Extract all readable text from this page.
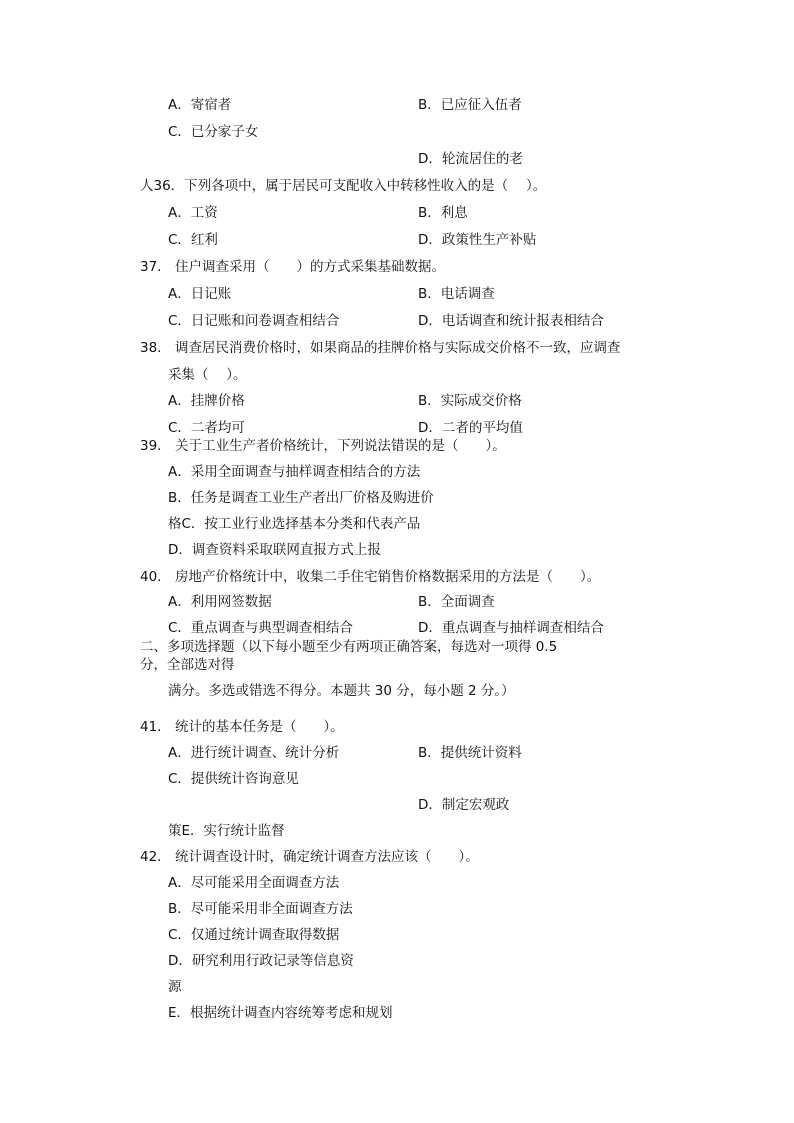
A．寄宿者	B．已应征入伍者
C．已分家子女
D．轮流居住的老
人36．下列各项中，属于居民可支配收入中转移性收入的是（　 ）。
A．工资	B．利息
C．红利	D．政策性生产补贴
37.　住户调查采用（　　）的方式采集基础数据。
A．日记账	B．电话调查
C．日记账和问卷调查相结合	D．电话调查和统计报表相结合
38.　调查居民消费价格时，如果商品的挂牌价格与实际成交价格不一致，应调查
采集（　 ）。
A．挂牌价格	B．实际成交价格
C．二者均可	D．二者的平均值
39.　关于工业生产者价格统计，下列说法错误的是（　　）。
A．采用全面调查与抽样调查相结合的方法
B．任务是调查工业生产者出厂价格及购进价
格C．按工业行业选择基本分类和代表产品
D．调查资料采取联网直报方式上报
40.　房地产价格统计中，收集二手住宅销售价格数据采用的方法是（　　）。
A．利用网签数据	B．全面调查
C．重点调查与典型调查相结合	D．重点调查与抽样调查相结合
二、多项选择题（以下每小题至少有两项正确答案，每选对一项得 0.5
分，全部选对得
满分。多选或错选不得分。本题共 30 分，每小题 2 分。）
41.　统计的基本任务是（　　）。
A．进行统计调查、统计分析	B．提供统计资料
C．提供统计咨询意见
D．制定宏观政
策E．实行统计监督
42.　统计调查设计时，确定统计调查方法应该（　　）。
A．尽可能采用全面调查方法
B．尽可能采用非全面调查方法
C．仅通过统计调查取得数据
D．研究利用行政记录等信息资
源
E．根据统计调查内容统筹考虑和规划
